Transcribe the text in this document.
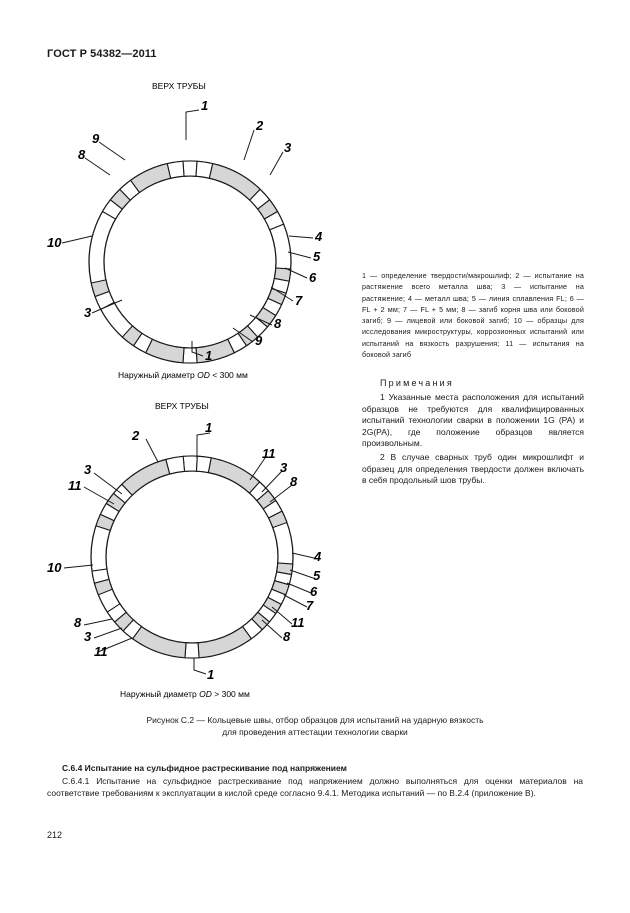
ГОСТ Р 54382—2011
ВЕРХ ТРУБЫ
1
2
3
4
5
6
7
8
9
8
10
3
9
1
Наружный диаметр OD < 300 мм
ВЕРХ ТРУБЫ
2
1
11
3
8
3
11
10
4
5
6
7
11
8
8
3
11
1
Наружный диаметр OD > 300 мм
1 — определение твердости/макрошлиф; 2 — испытание на растяжение всего металла шва; 3 — испытание на растяжение; 4 — металл шва; 5 — линия сплавления FL; 6 — FL + 2 мм; 7 — FL + 5 мм; 8 — загиб корня шва или боковой загиб; 9 — лицевой или боковой загиб; 10 — образцы для исследования микроструктуры, коррозионных испытаний или испытаний на вязкость разрушения; 11 — испытания на боковой загиб
Примечания
1 Указанные места расположения для испытаний образцов не требуются для квалифицированных испытаний технологии сварки в положении 1G (PA) и 2G(PA), где положение образцов является произвольным.
2 В случае сварных труб один микрошлифт и образец для определения твердости должен включать в себя продольный шов трубы.
Рисунок С.2 — Кольцевые швы, отбор образцов для испытаний на ударную вязкость
для проведения аттестации технологии сварки
С.6.4 Испытание на сульфидное растрескивание под напряжением
С.6.4.1 Испытание на сульфидное растрескивание под напряжением должно выполняться для оценки материалов на соответствие требованиям к эксплуатации в кислой среде согласно 9.4.1. Методика испытаний — по В.2.4 (приложение В).
212
